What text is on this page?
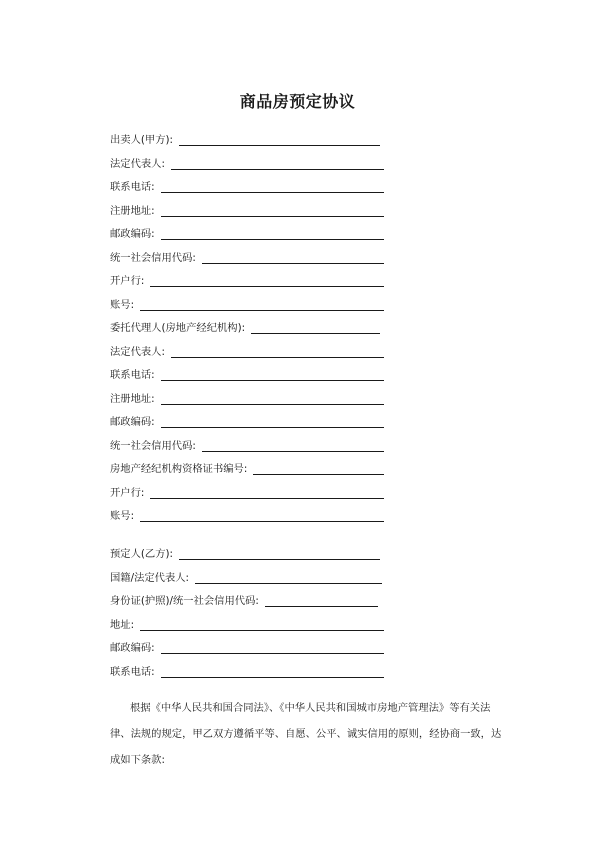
商品房预定协议
出卖人(甲方):
法定代表人:
联系电话:
注册地址:
邮政编码:
统一社会信用代码:
开户行:
账号:
委托代理人(房地产经纪机构):
法定代表人:
联系电话:
注册地址:
邮政编码:
统一社会信用代码:
房地产经纪机构资格证书编号:
开户行:
账号:
预定人(乙方):
国籍/法定代表人:
身份证(护照)/统一社会信用代码:
地址:
邮政编码:
联系电话:
根据《中华人民共和国合同法》、《中华人民共和国城市房地产管理法》等有关法律、法规的规定，甲乙双方遵循平等、自愿、公平、诚实信用的原则，经协商一致，达成如下条款:
